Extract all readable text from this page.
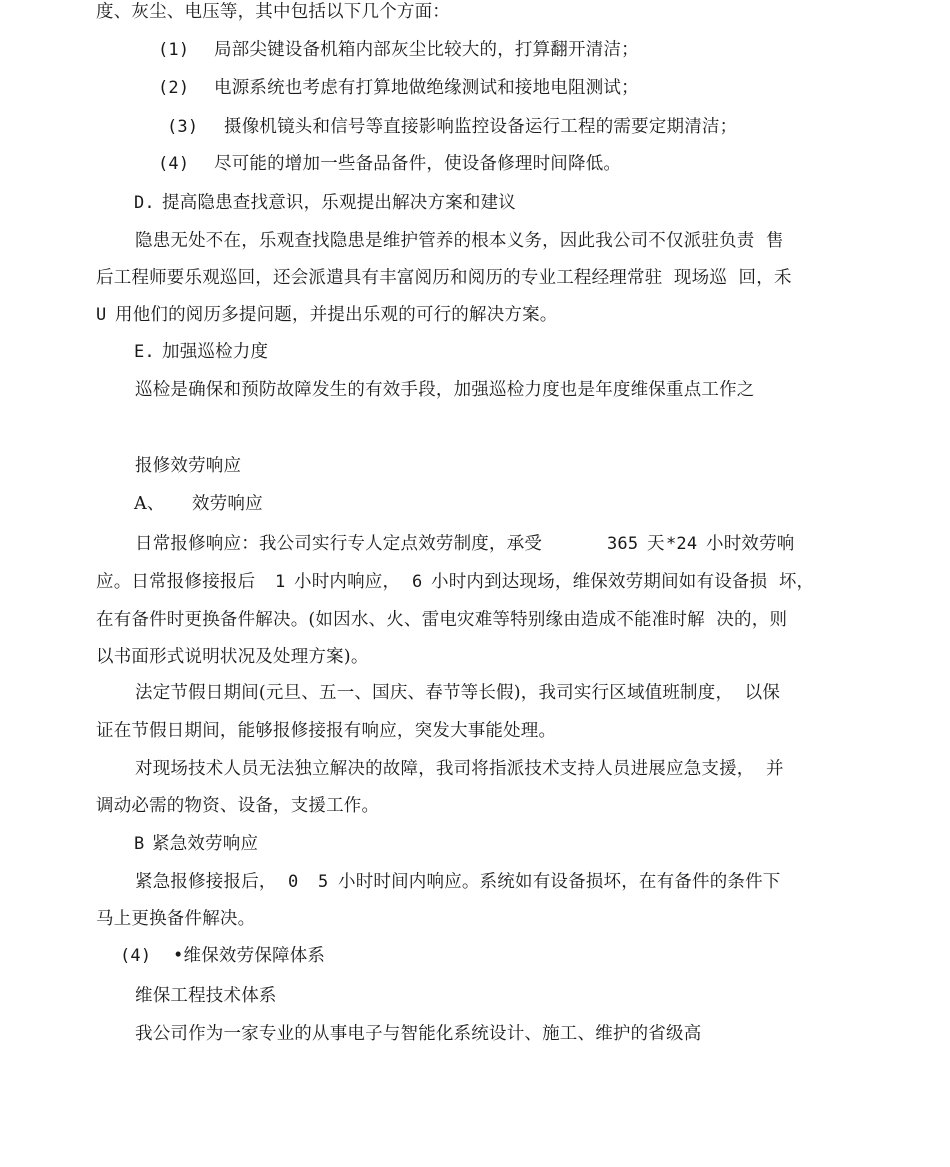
度、灰尘、电压等，其中包括以下几个方面：
(1) 局部尖键设备机箱内部灰尘比较大的，打算翻开清洁；
(2) 电源系统也考虑有打算地做绝缘测试和接地电阻测试；
(3) 摄像机镜头和信号等直接影响监控设备运行工程的需要定期清洁；
(4) 尽可能的增加一些备品备件，使设备修理时间降低。
D. 提高隐患查找意识，乐观提出解决方案和建议
隐患无处不在，乐观查找隐患是维护管养的根本义务，因此我公司不仅派驻负责  售
后工程师要乐观巡回，还会派遣具有丰富阅历和阅历的专业工程经理常驻  现场巡  回，禾
U 用他们的阅历多提问题，并提出乐观的可行的解决方案。
E. 加强巡检力度
巡检是确保和预防故障发生的有效手段，加强巡检力度也是年度维保重点工作之
报修效劳响应
A、 效劳响应
日常报修响应：我公司实行专人定点效劳制度，承受	365 天 *24 小时效劳响
应。日常报修接报后 1 小时内响应， 6 小时内到达现场，维保效劳期间如有设备损  坏，
在有备件时更换备件解决。(如因水、火、雷电灾难等特别缘由造成不能准时解  决的，则
以书面形式说明状况及处理方案)。
法定节假日期间(元旦、五一、国庆、春节等长假)，我司实行区域值班制度，  以保
证在节假日期间，能够报修接报有响应，突发大事能处理。
对现场技术人员无法独立解决的故障，我司将指派技术支持人员进展应急支援，  并
调动必需的物资、设备，支援工作。
B 紧急效劳响应
紧急报修接报后， 0 5 小时时间内响应。系统如有设备损坏，在有备件的条件下
马上更换备件解决。
(4) •维保效劳保障体系
维保工程技术体系
我公司作为一家专业的从事电子与智能化系统设计、施工、维护的省级高
